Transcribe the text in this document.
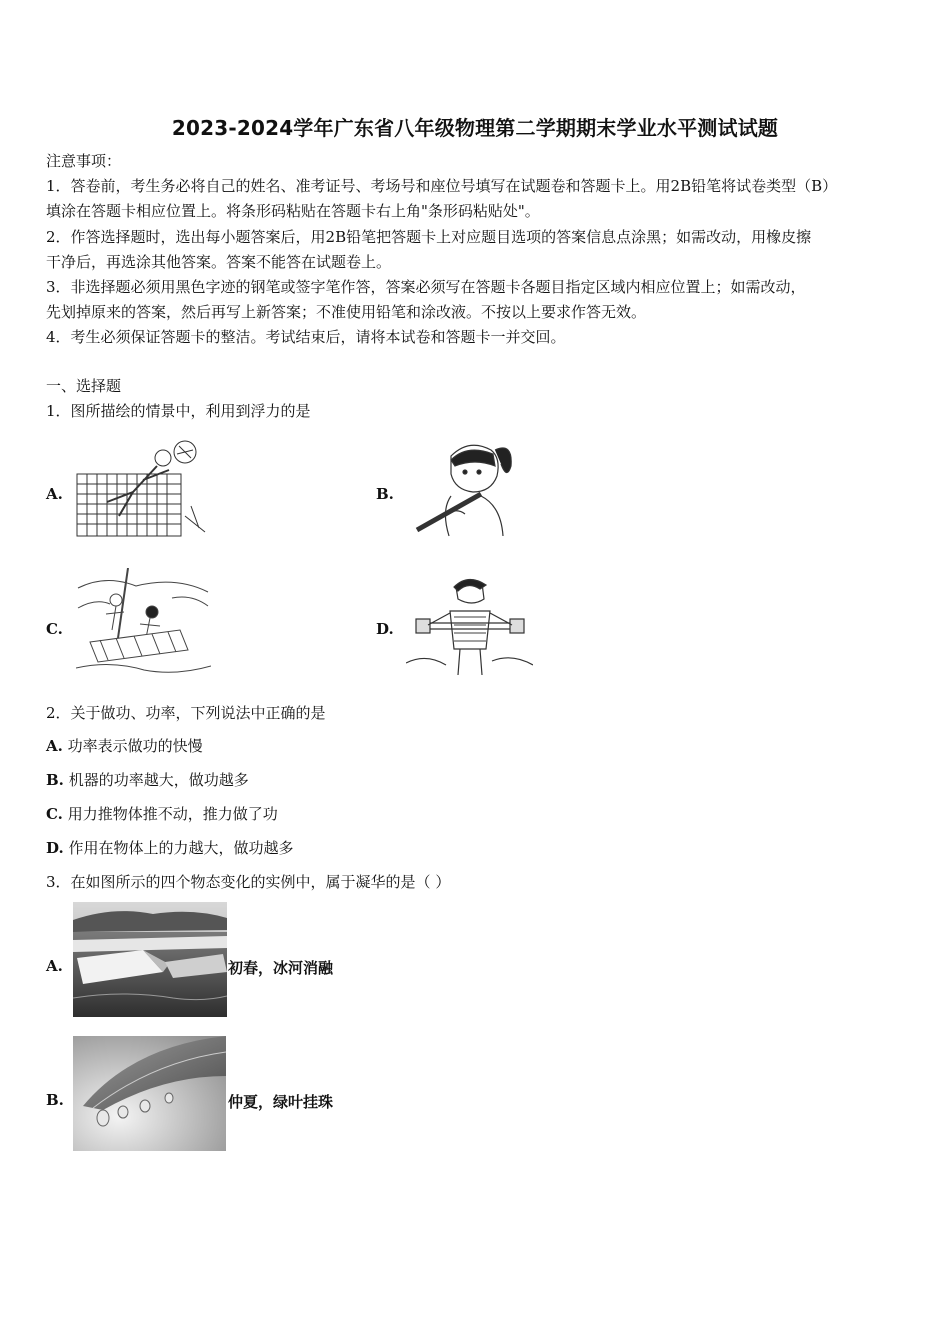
2023-2024学年广东省八年级物理第二学期期末学业水平测试试题
注意事项：
1．答卷前，考生务必将自己的姓名、准考证号、考场号和座位号填写在试题卷和答题卡上。用2B铅笔将试卷类型（B）
填涂在答题卡相应位置上。将条形码粘贴在答题卡右上角"条形码粘贴处"。
2．作答选择题时，选出每小题答案后，用2B铅笔把答题卡上对应题目选项的答案信息点涂黑；如需改动，用橡皮擦
干净后，再选涂其他答案。答案不能答在试题卷上。
3．非选择题必须用黑色字迹的钢笔或签字笔作答，答案必须写在答题卡各题目指定区域内相应位置上；如需改动，
先划掉原来的答案，然后再写上新答案；不准使用铅笔和涂改液。不按以上要求作答无效。
4．考生必须保证答题卡的整洁。考试结束后，请将本试卷和答题卡一并交回。
一、选择题
1．图所描绘的情景中，利用到浮力的是
A.	B.
C.	D.
2．关于做功、功率，下列说法中正确的是
A. 功率表示做功的快慢
B. 机器的功率越大，做功越多
C. 用力推物体推不动，推力做了功
D. 作用在物体上的力越大，做功越多
3．在如图所示的四个物态变化的实例中，属于凝华的是（ ）
A.	初春，冰河消融
B.	仲夏，绿叶挂珠
